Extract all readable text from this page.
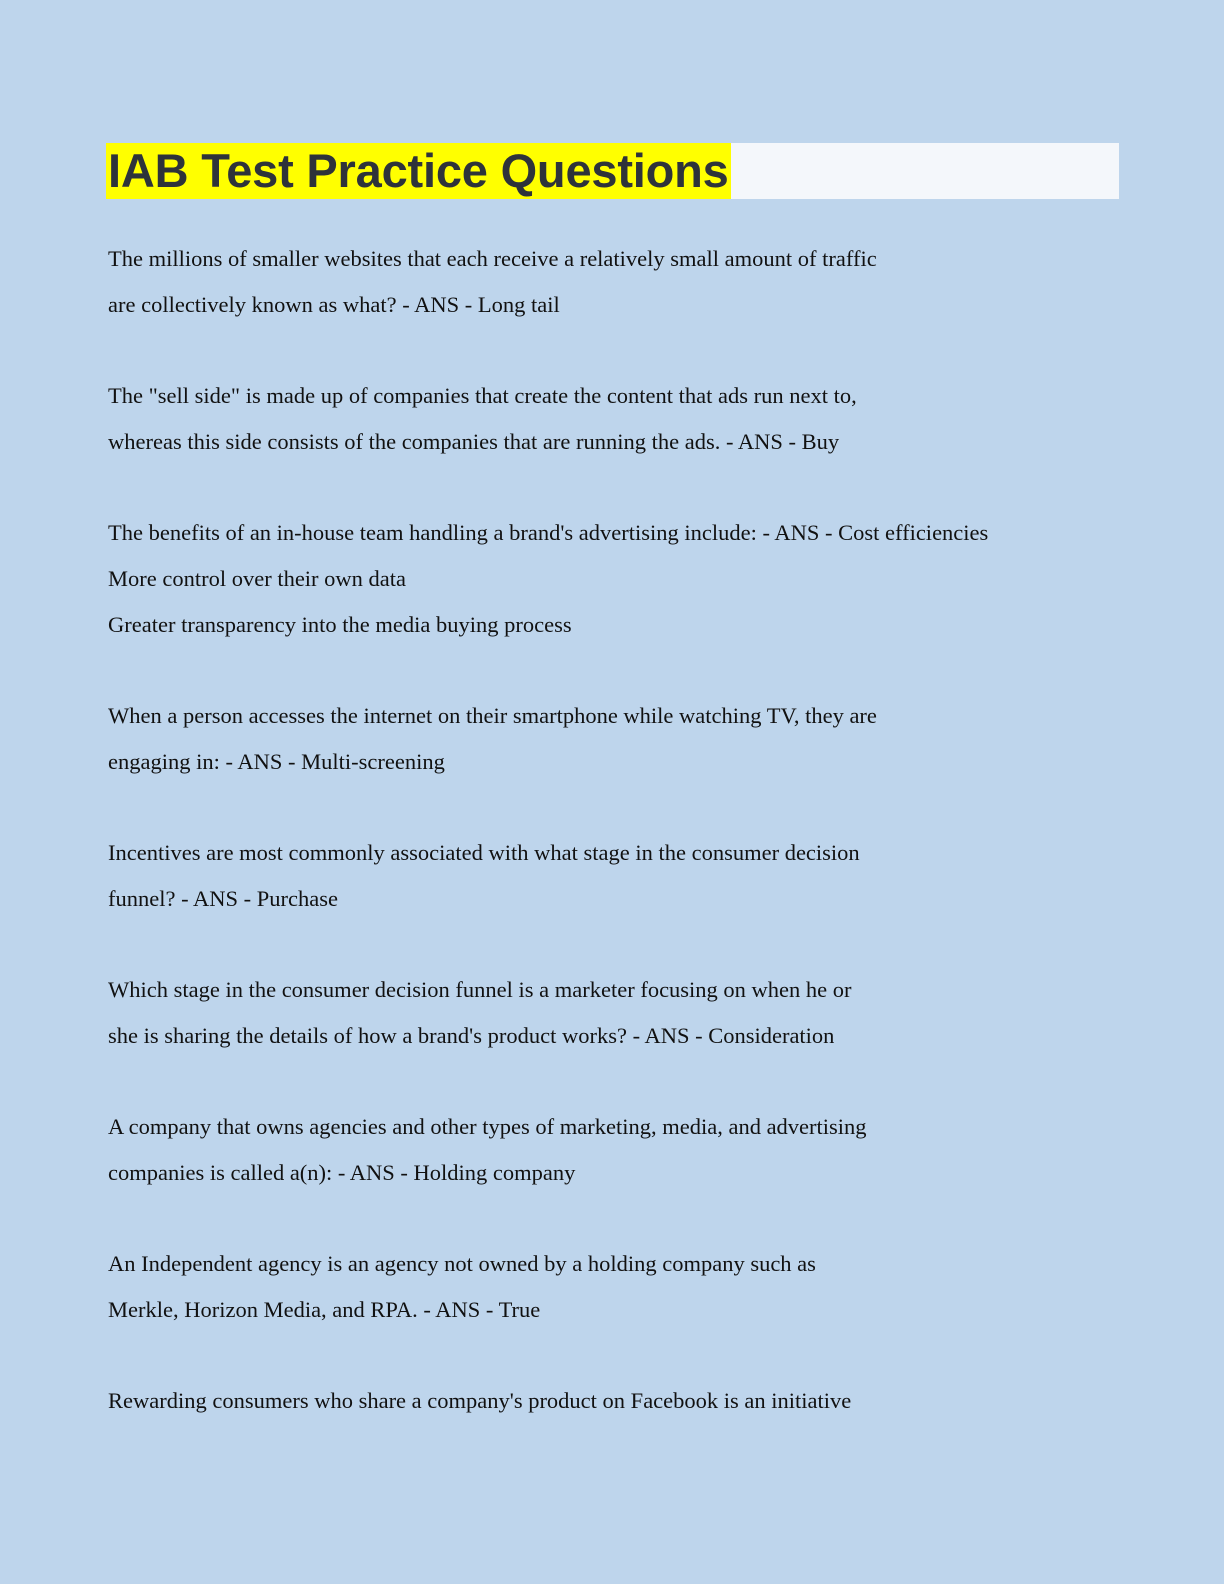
IAB Test Practice Questions
The millions of smaller websites that each receive a relatively small amount of traffic
are collectively known as what? - ANS - Long tail
The "sell side" is made up of companies that create the content that ads run next to,
whereas this side consists of the companies that are running the ads. - ANS - Buy
The benefits of an in-house team handling a brand's advertising include: - ANS - Cost efficiencies
More control over their own data
Greater transparency into the media buying process
When a person accesses the internet on their smartphone while watching TV, they are
engaging in: - ANS - Multi-screening
Incentives are most commonly associated with what stage in the consumer decision
funnel? - ANS - Purchase
Which stage in the consumer decision funnel is a marketer focusing on when he or
she is sharing the details of how a brand's product works? - ANS - Consideration
A company that owns agencies and other types of marketing, media, and advertising
companies is called a(n): - ANS - Holding company
An Independent agency is an agency not owned by a holding company such as
Merkle, Horizon Media, and RPA. - ANS - True
Rewarding consumers who share a company's product on Facebook is an initiative
